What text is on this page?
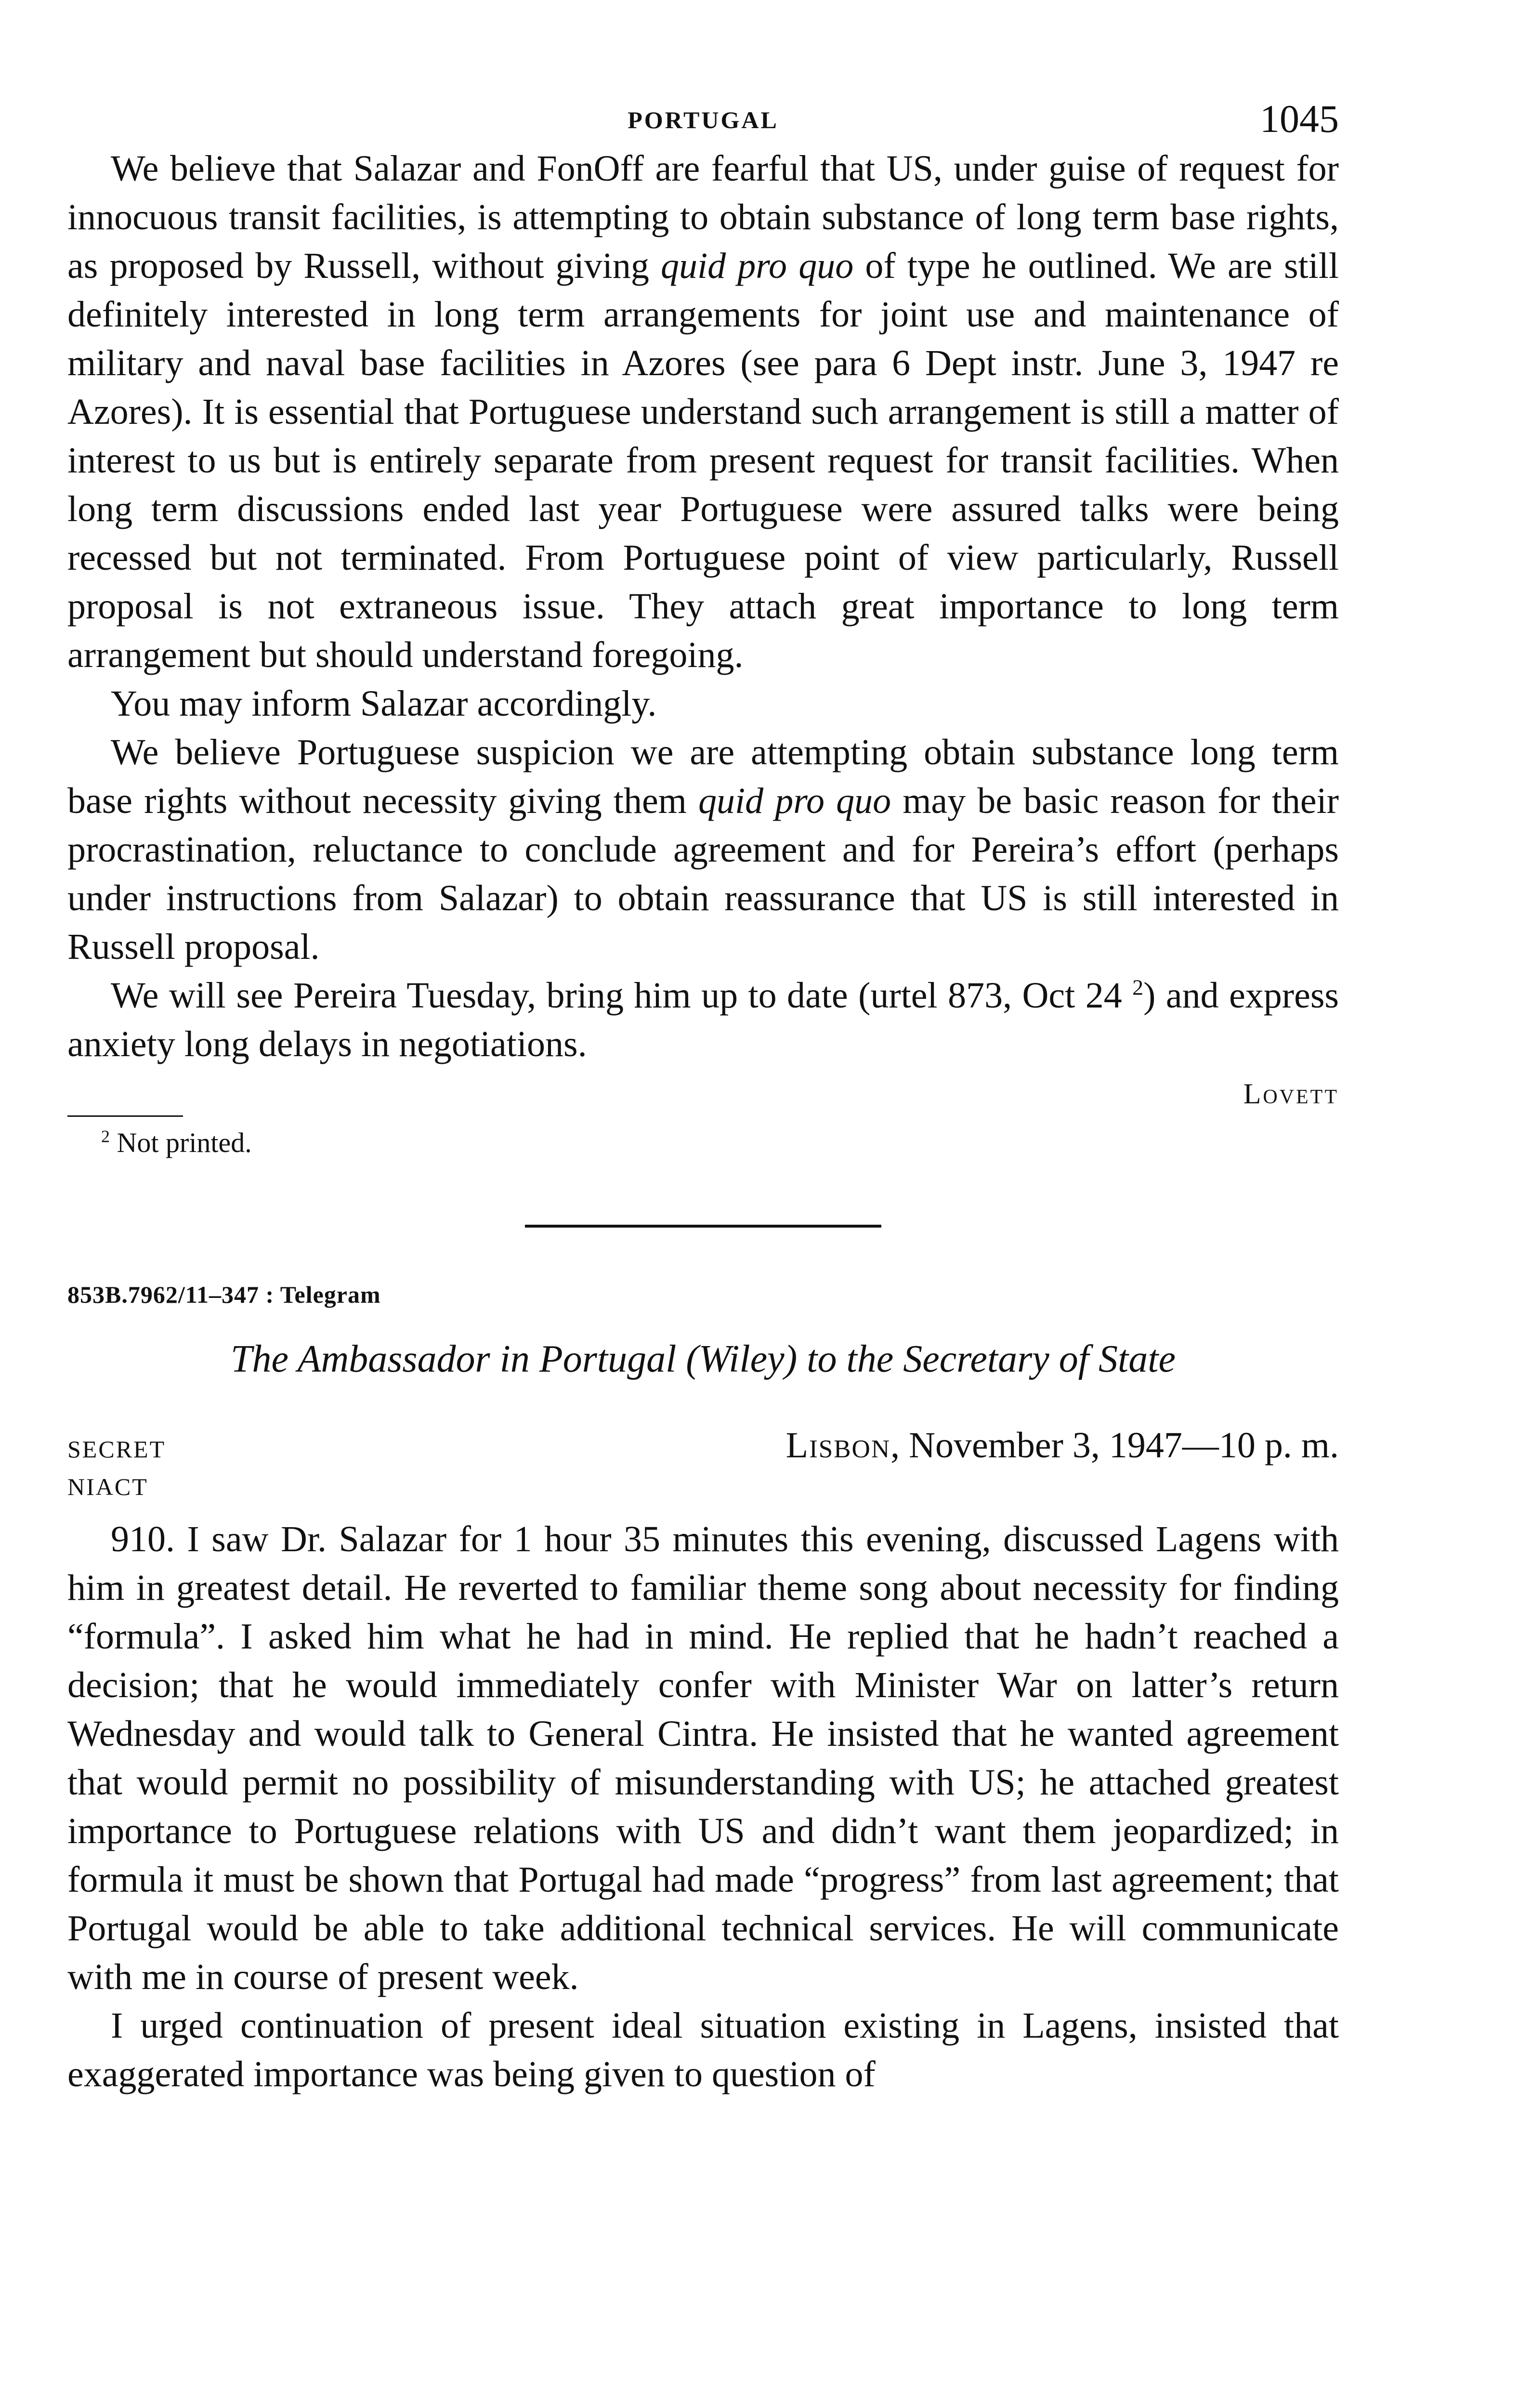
PORTUGAL	1045

We believe that Salazar and FonOff are fearful that US, under guise of request for innocuous transit facilities, is attempting to obtain substance of long term base rights, as proposed by Russell, without giving quid pro quo of type he outlined. We are still definitely interested in long term arrangements for joint use and maintenance of military and naval base facilities in Azores (see para 6 Dept instr. June 3, 1947 re Azores). It is essential that Portuguese understand such arrangement is still a matter of interest to us but is entirely separate from present request for transit facilities. When long term discussions ended last year Portuguese were assured talks were being recessed but not terminated. From Portuguese point of view particularly, Russell proposal is not extraneous issue. They attach great importance to long term arrangement but should understand foregoing.

You may inform Salazar accordingly.

We believe Portuguese suspicion we are attempting obtain substance long term base rights without necessity giving them quid pro quo may be basic reason for their procrastination, reluctance to conclude agreement and for Pereira’s effort (perhaps under instructions from Salazar) to obtain reassurance that US is still interested in Russell proposal.

We will see Pereira Tuesday, bring him up to date (urtel 873, Oct 24 $^2$) and express anxiety long delays in negotiations.

Lovett
$^2$ Not printed.
853B.7962/11–347 : Telegram
The Ambassador in Portugal (Wiley) to the Secretary of State
SECRET	Lisbon, November 3, 1947—10 p. m.
NIACT

910. I saw Dr. Salazar for 1 hour 35 minutes this evening, discussed Lagens with him in greatest detail. He reverted to familiar theme song about necessity for finding “formula”. I asked him what he had in mind. He replied that he hadn’t reached a decision; that he would immediately confer with Minister War on latter’s return Wednesday and would talk to General Cintra. He insisted that he wanted agreement that would permit no possibility of misunderstanding with US; he attached greatest importance to Portuguese relations with US and didn’t want them jeopardized; in formula it must be shown that Portugal had made “progress” from last agreement; that Portugal would be able to take additional technical services. He will communicate with me in course of present week.

I urged continuation of present ideal situation existing in Lagens, insisted that exaggerated importance was being given to question of
